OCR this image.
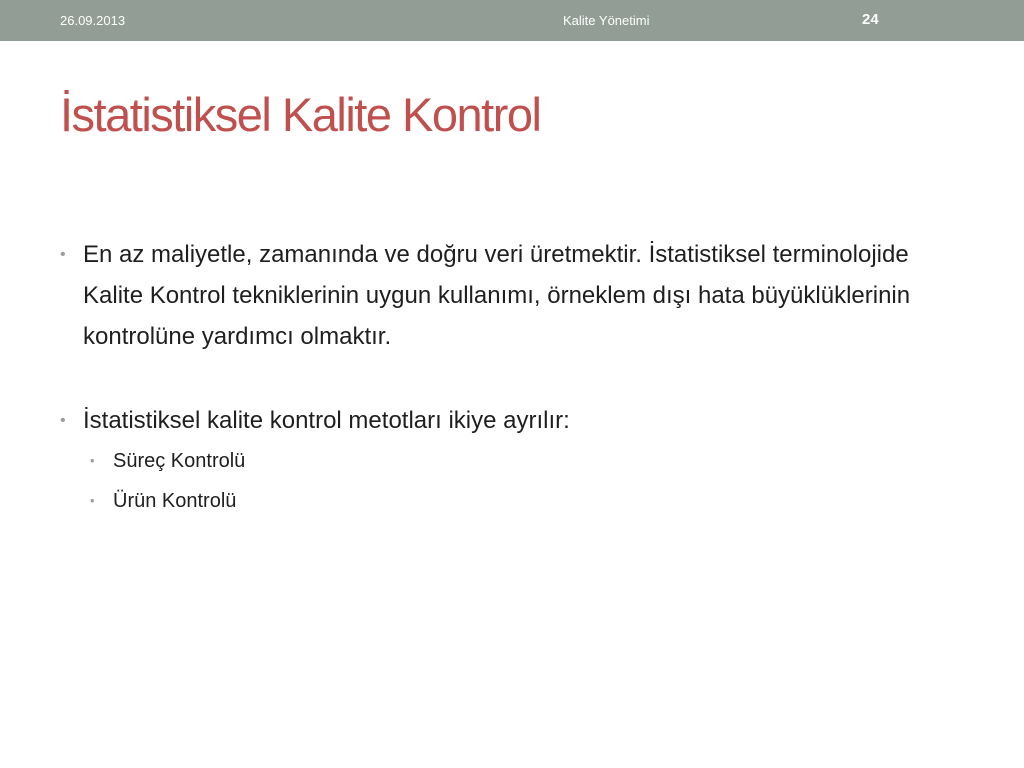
26.09.2013	Kalite Yönetimi	24
İstatistiksel Kalite Kontrol
• En az maliyetle, zamanında ve doğru veri üretmektir. İstatistiksel terminolojide Kalite Kontrol tekniklerinin uygun kullanımı, örneklem dışı hata büyüklüklerinin kontrolüne yardımcı olmaktır.
• İstatistiksel kalite kontrol metotları ikiye ayrılır:
• Süreç Kontrolü
• Ürün Kontrolü
